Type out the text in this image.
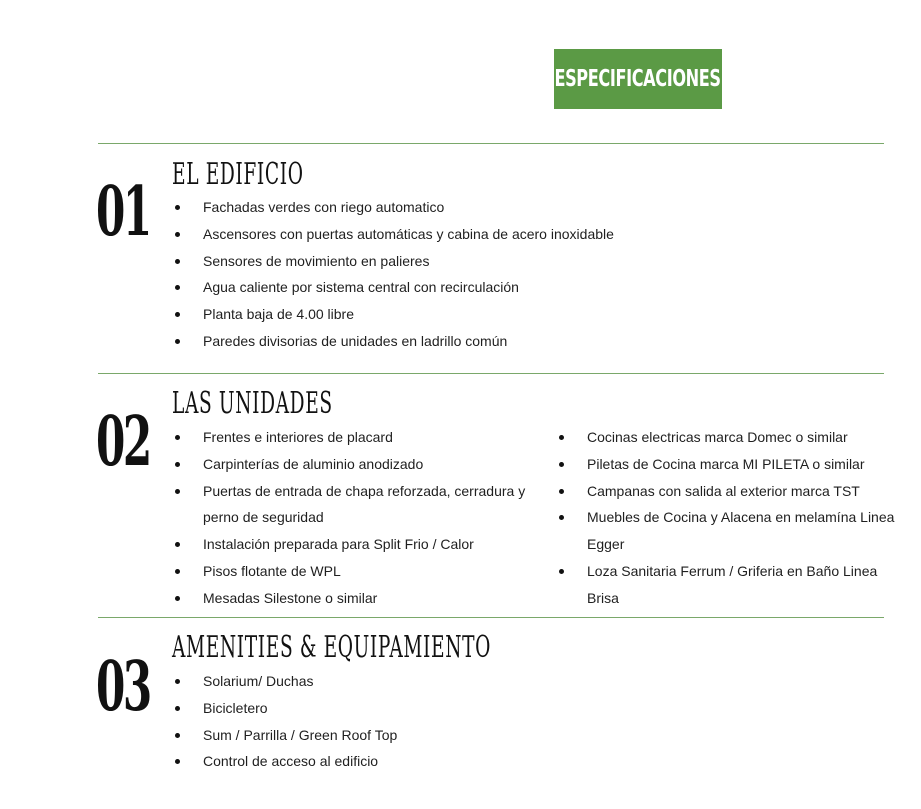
ESPECIFICACIONES
01 EL EDIFICIO
Fachadas verdes con riego automatico
Ascensores con puertas automáticas y cabina de acero inoxidable
Sensores de movimiento en palieres
Agua caliente por sistema central con recirculación
Planta baja de 4.00 libre
Paredes divisorias de unidades en ladrillo común
02 LAS UNIDADES
Frentes e interiores de placard
Carpinterías de aluminio anodizado
Puertas de entrada de chapa reforzada, cerradura y perno de seguridad
Instalación preparada para Split Frio / Calor
Pisos flotante de WPL
Mesadas Silestone o similar
Cocinas electricas marca Domec o similar
Piletas de Cocina marca MI PILETA o similar
Campanas con salida al exterior marca TST
Muebles de Cocina y Alacena en melamína Linea Egger
Loza Sanitaria Ferrum / Griferia en Baño Linea Brisa
03 AMENITIES & EQUIPAMIENTO
Solarium/ Duchas
Bicicletero
Sum / Parrilla / Green Roof Top
Control de acceso al edificio
